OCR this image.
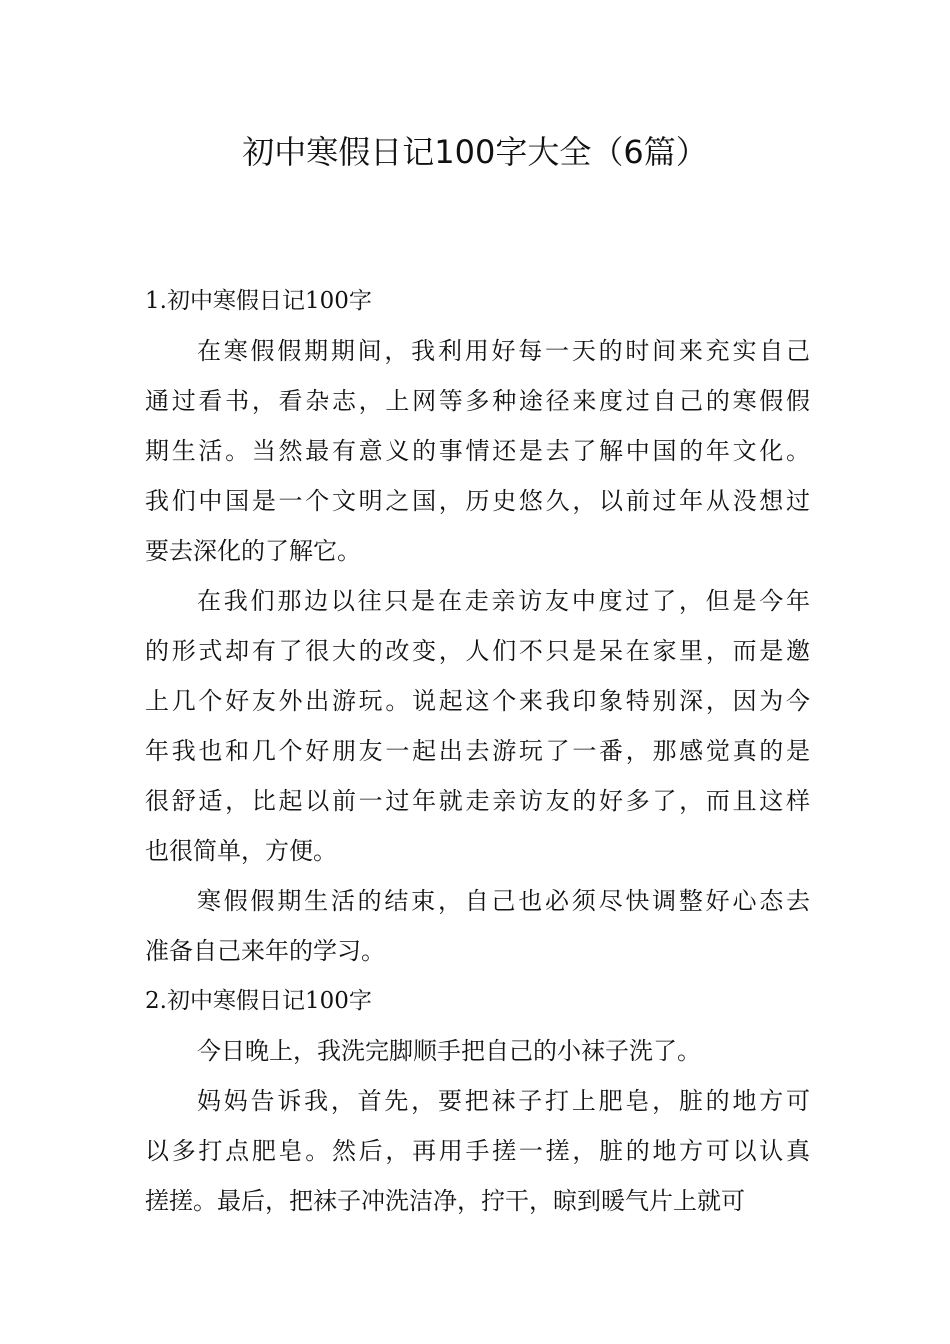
初中寒假日记100字大全（6篇）

1.初中寒假日记100字

在寒假假期期间，我利用好每一天的时间来充实自己
通过看书，看杂志，上网等多种途径来度过自己的寒假假
期生活。当然最有意义的事情还是去了解中国的年文化。
我们中国是一个文明之国，历史悠久，以前过年从没想过
要去深化的了解它。

在我们那边以往只是在走亲访友中度过了，但是今年
的形式却有了很大的改变，人们不只是呆在家里，而是邀
上几个好友外出游玩。说起这个来我印象特别深，因为今
年我也和几个好朋友一起出去游玩了一番，那感觉真的是
很舒适，比起以前一过年就走亲访友的好多了，而且这样
也很简单，方便。

寒假假期生活的结束，自己也必须尽快调整好心态去
准备自己来年的学习。

2.初中寒假日记100字

今日晚上，我洗完脚顺手把自己的小袜子洗了。

妈妈告诉我，首先，要把袜子打上肥皂，脏的地方可
以多打点肥皂。然后，再用手搓一搓，脏的地方可以认真
搓搓。最后，把袜子冲洗洁净，拧干，晾到暖气片上就可
